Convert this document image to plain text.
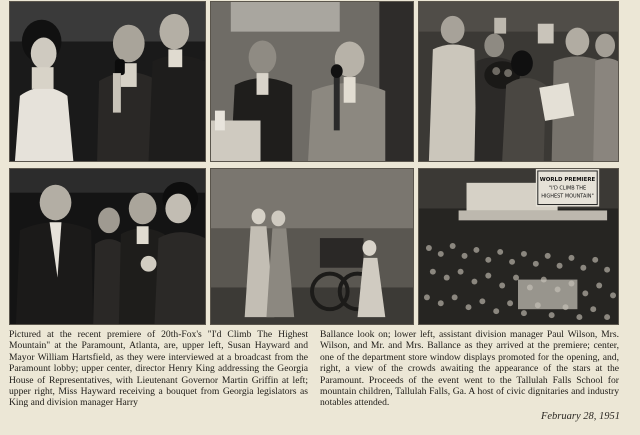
WORLD PREMIERE
"I'D CLIMB THE
HIGHEST MOUNTAIN"
Pictured at the recent premiere of 20th-Fox's "I'd Climb The Highest Mountain" at the Paramount, Atlanta, are, upper left, Susan Hayward and Mayor William Hartsfield, as they were interviewed at a broadcast from the Paramount lobby; upper center, director Henry King addressing the Georgia House of Representatives, with Lieutenant Governor Martin Griffin at left; upper right, Miss Hayward receiving a bouquet from Georgia legislators as King and division manager Harry
Ballance look on; lower left, assistant division manager Paul Wilson, Mrs. Wilson, and Mr. and Mrs. Ballance as they arrived at the premiere; center, one of the department store window displays promoted for the opening, and, right, a view of the crowds awaiting the appearance of the stars at the Paramount. Proceeds of the event went to the Tallulah Falls School for mountain children, Tallulah Falls, Ga. A host of civic dignitaries and industry notables attended.
February 28, 1951
